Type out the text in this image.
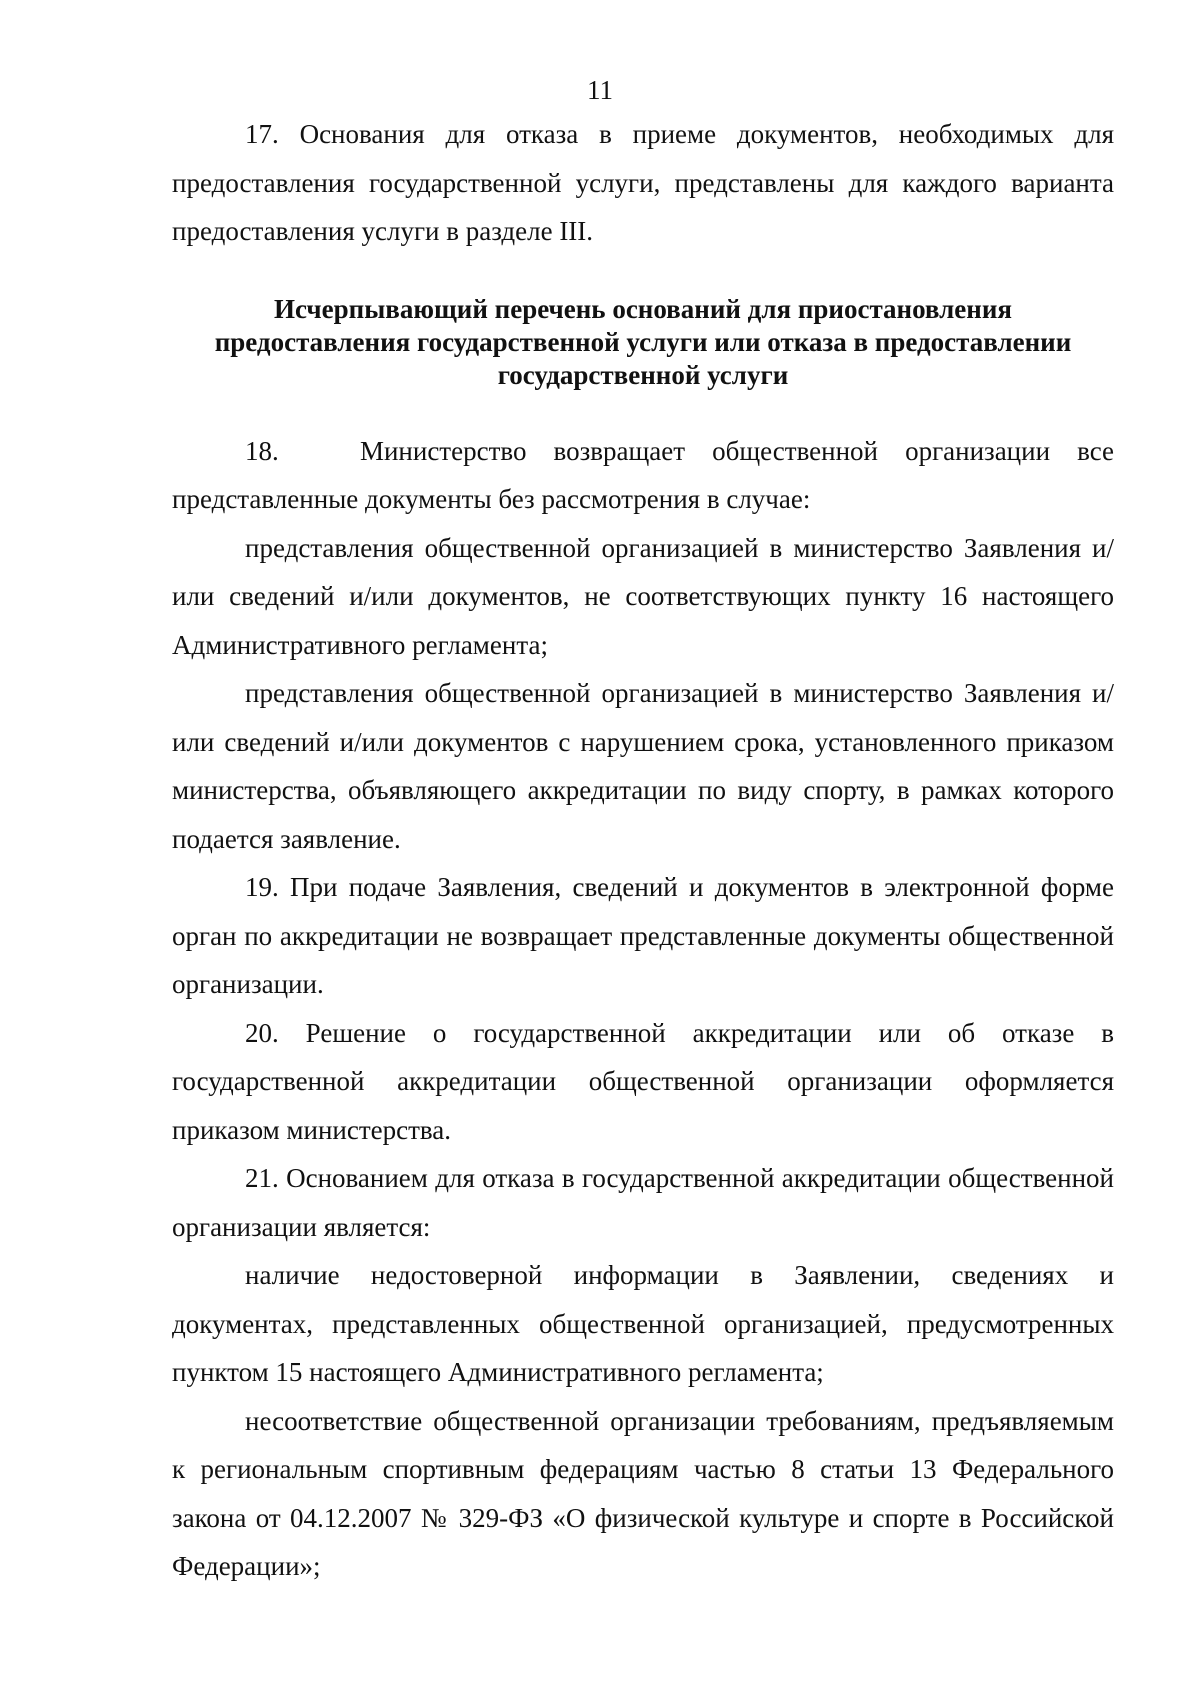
11

17. Основания для отказа в приеме документов, необходимых для предоставления государственной услуги, представлены для каждого варианта предоставления услуги в разделе III.

Исчерпывающий перечень оснований для приостановления
предоставления государственной услуги или отказа в предоставлении
государственной услуги

18.   Министерство возвращает общественной организации все представленные документы без рассмотрения в случае:

представления общественной организацией в министерство Заявления и/или сведений и/или документов, не соответствующих пункту 16 настоящего Административного регламента;

представления общественной организацией в министерство Заявления и/или сведений и/или документов с нарушением срока, установленного приказом министерства, объявляющего аккредитации по виду спорту, в рамках которого подается заявление.

19. При подаче Заявления, сведений и документов в электронной форме орган по аккредитации не возвращает представленные документы общественной организации.

20. Решение о государственной аккредитации или об отказе в государственной аккредитации общественной организации оформляется приказом министерства.

21. Основанием для отказа в государственной аккредитации общественной организации является:

наличие недостоверной информации в Заявлении, сведениях и документах, представленных общественной организацией, предусмотренных пунктом 15 настоящего Административного регламента;

несоответствие общественной организации требованиям, предъявляемым к региональным спортивным федерациям частью 8 статьи 13 Федерального закона от 04.12.2007 № 329-ФЗ «О физической культуре и спорте в Российской Федерации»;
